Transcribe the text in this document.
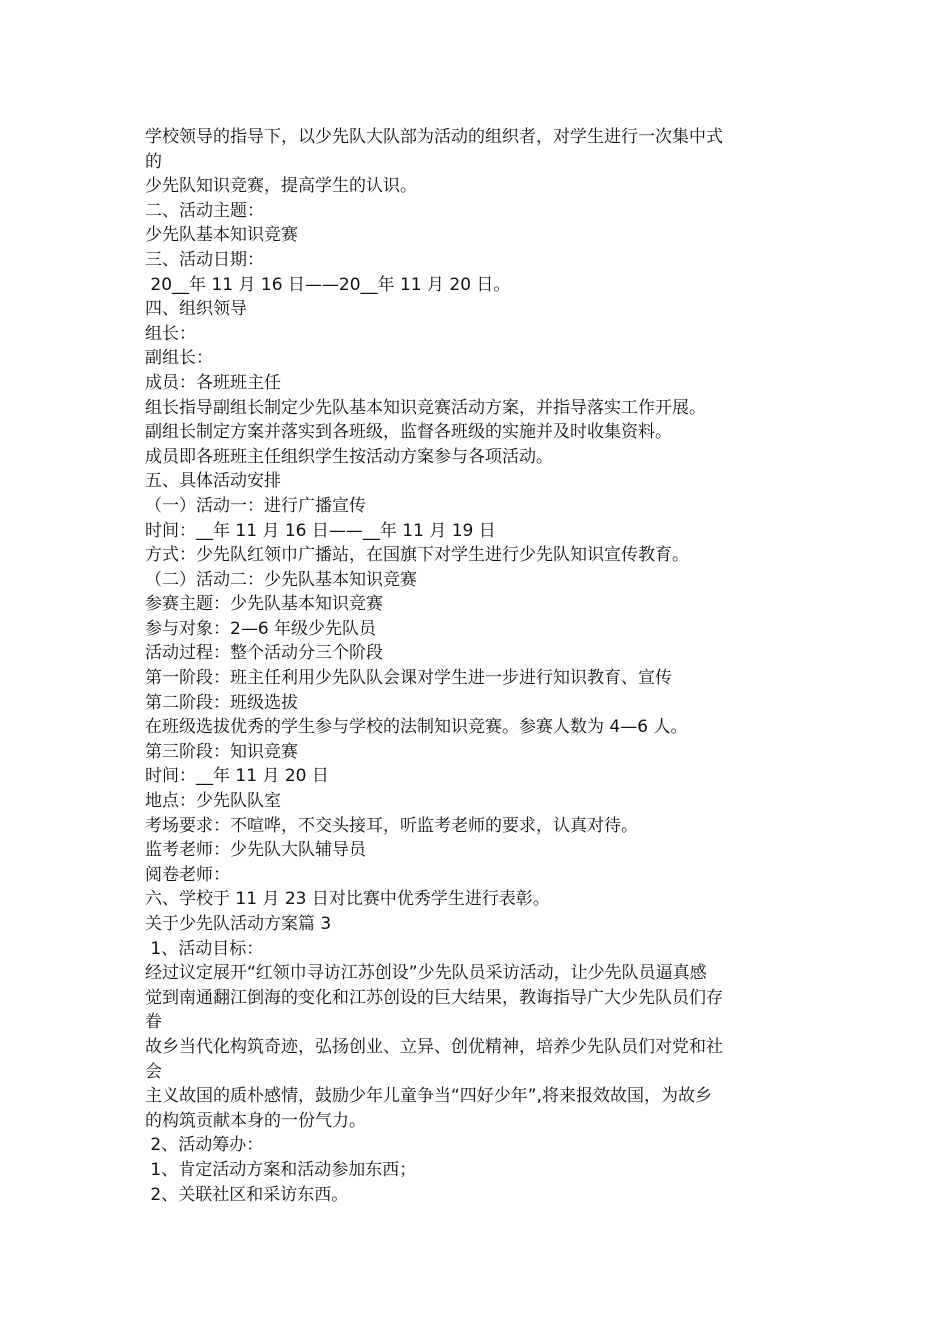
学校领导的指导下，以少先队大队部为活动的组织者，对学生进行一次集中式

的

少先队知识竞赛，提高学生的认识。

二、活动主题：

少先队基本知识竞赛

三、活动日期：

20__年 11 月 16 日——20__年 11 月 20 日。

四、组织领导

组长：

副组长：

成员：各班班主任

组长指导副组长制定少先队基本知识竞赛活动方案，并指导落实工作开展。

副组长制定方案并落实到各班级，监督各班级的实施并及时收集资料。

成员即各班班主任组织学生按活动方案参与各项活动。

五、具体活动安排

（一）活动一：进行广播宣传

时间：__年 11 月 16 日——__年 11 月 19 日

方式：少先队红领巾广播站，在国旗下对学生进行少先队知识宣传教育。

（二）活动二：少先队基本知识竞赛

参赛主题：少先队基本知识竞赛

参与对象：2—6 年级少先队员

活动过程：整个活动分三个阶段

第一阶段：班主任利用少先队队会课对学生进一步进行知识教育、宣传

第二阶段：班级选拔

在班级选拔优秀的学生参与学校的法制知识竞赛。参赛人数为 4—6 人。

第三阶段：知识竞赛

时间：__年 11 月 20 日

地点：少先队队室

考场要求：不喧哗，不交头接耳，听监考老师的要求，认真对待。

监考老师：少先队大队辅导员

阅卷老师：

六、学校于 11 月 23 日对比赛中优秀学生进行表彰。

关于少先队活动方案篇 3

1、活动目标：

经过议定展开“红领巾寻访江苏创设”少先队员采访活动，让少先队员逼真感

觉到南通翻江倒海的变化和江苏创设的巨大结果，教诲指导广大少先队员们存

眷

故乡当代化构筑奇迹，弘扬创业、立异、创优精神，培养少先队员们对党和社

会

主义故国的质朴感情，鼓励少年儿童争当“四好少年”,将来报效故国，为故乡

的构筑贡献本身的一份气力。

2、活动筹办：

1、肯定活动方案和活动参加东西；

2、关联社区和采访东西。
